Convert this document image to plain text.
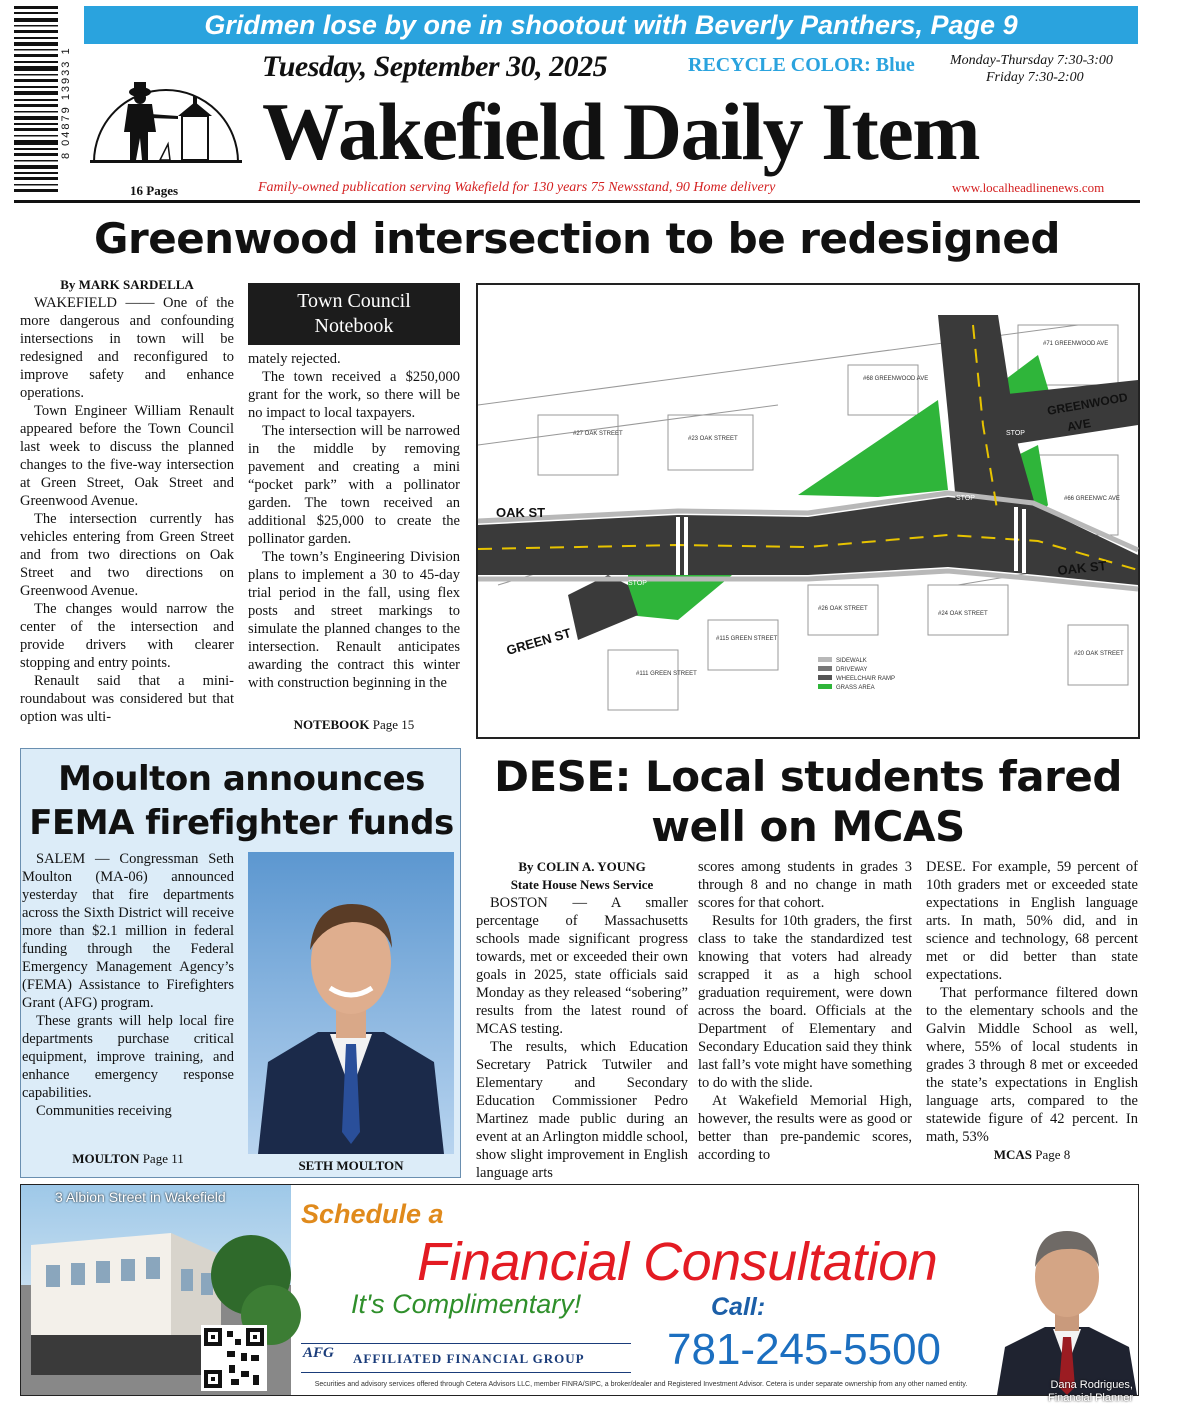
8 04879 13933 1
Gridmen lose by one in shootout with Beverly Panthers, Page 9
16 Pages
Tuesday, September 30, 2025	RECYCLE COLOR: Blue	Monday-Thursday 7:30-3:00
Friday 7:30-2:00
Wakefield Daily Item
Family-owned publication serving Wakefield for 130 years 75 Newsstand, 90 Home delivery	www.localheadlinenews.com
Greenwood intersection to be redesigned

By MARK SARDELLA

WAKEFIELD —— One of the more dangerous and confounding intersections in town will be redesigned and reconfigured to improve safety and enhance operations.

Town Engineer William Renault appeared before the Town Council last week to discuss the planned changes to the five-way intersection at Green Street, Oak Street and Greenwood Avenue.

The intersection currently has vehicles entering from Green Street and from two directions on Oak Street and two directions on Greenwood Avenue.

The changes would narrow the center of the intersection and provide drivers with clearer stopping and entry points.

Renault said that a mini-roundabout was considered but that option was ulti-

Town Council
Notebook

mately rejected.

The town received a $250,000 grant for the work, so there will be no impact to local taxpayers.

The intersection will be narrowed in the middle by removing pavement and creating a mini “pocket park” with a pollinator garden. The town received an additional $25,000 to create the pollinator garden.

The town’s Engineering Division plans to implement a 30 to 45-day trial period in the fall, using flex posts and street markings to simulate the planned changes to the intersection. Renault anticipates awarding the contract this winter with construction beginning in the

NOTEBOOK Page 15

OAK ST
OAK ST
GREEN ST
GREENWOOD
AVE
STOP
STOP
STOP
#27 OAK STREET
#23 OAK STREET
#68 GREENWOOD AVE
#71 GREENWOOD AVE
#66 GREENWC AVE
#26 OAK STREET
#24 OAK STREET
#20 OAK STREET
#115 GREEN STREET
#111 GREEN STREET
SIDEWALK
DRIVEWAY
WHEELCHAIR RAMP
GRASS AREA
Moulton announces
FEMA firefighter funds

SALEM — Congressman Seth Moulton (MA-06) announced yesterday that fire departments across the Sixth District will receive more than $2.1 million in federal funding through the Federal Emergency Management Agency’s (FEMA) Assistance to Firefighters Grant (AFG) program.

These grants will help local fire departments purchase critical equipment, improve training, and enhance emergency response capabilities.

Communities receiving

SETH MOULTON

MOULTON Page 11

DESE: Local students fared
well on MCAS

By COLIN A. YOUNG

State House News Service

BOSTON — A smaller percentage of Massachusetts schools made significant progress towards, met or exceeded their own goals in 2025, state officials said Monday as they released “sobering” results from the latest round of MCAS testing.

The results, which Education Secretary Patrick Tutwiler and Elementary and Secondary Education Commissioner Pedro Martinez made public during an event at an Arlington middle school, show slight improvement in English language arts

scores among students in grades 3 through 8 and no change in math scores for that cohort.

Results for 10th graders, the first class to take the standardized test knowing that voters had already scrapped it as a high school graduation requirement, were down across the board. Officials at the Department of Elementary and Secondary Education said they think last fall’s vote might have something to do with the slide.

At Wakefield Memorial High, however, the results were as good or better than pre-pandemic scores, according to

DESE. For example, 59 percent of 10th graders met or exceeded state expectations in English language arts. In math, 50% did, and in science and technology, 68 percent met or did better than state expectations.

That performance filtered down to the elementary schools and the Galvin Middle School as well, where, 55% of local students in grades 3 through 8 met or exceeded the state’s expectations in English language arts, compared to the statewide figure of 42 percent. In math, 53%

MCAS Page 8

3 Albion Street in Wakefield
Schedule a
Financial Consultation
It's Complimentary!	Call:
781-245-5500
AFG AFFILIATED FINANCIAL GROUP
Dana Rodrigues,
Financial Planner
Securities and advisory services offered through Cetera Advisors LLC, member FINRA/SIPC, a broker/dealer and Registered Investment Advisor. Cetera is under separate ownership from any other named entity.
